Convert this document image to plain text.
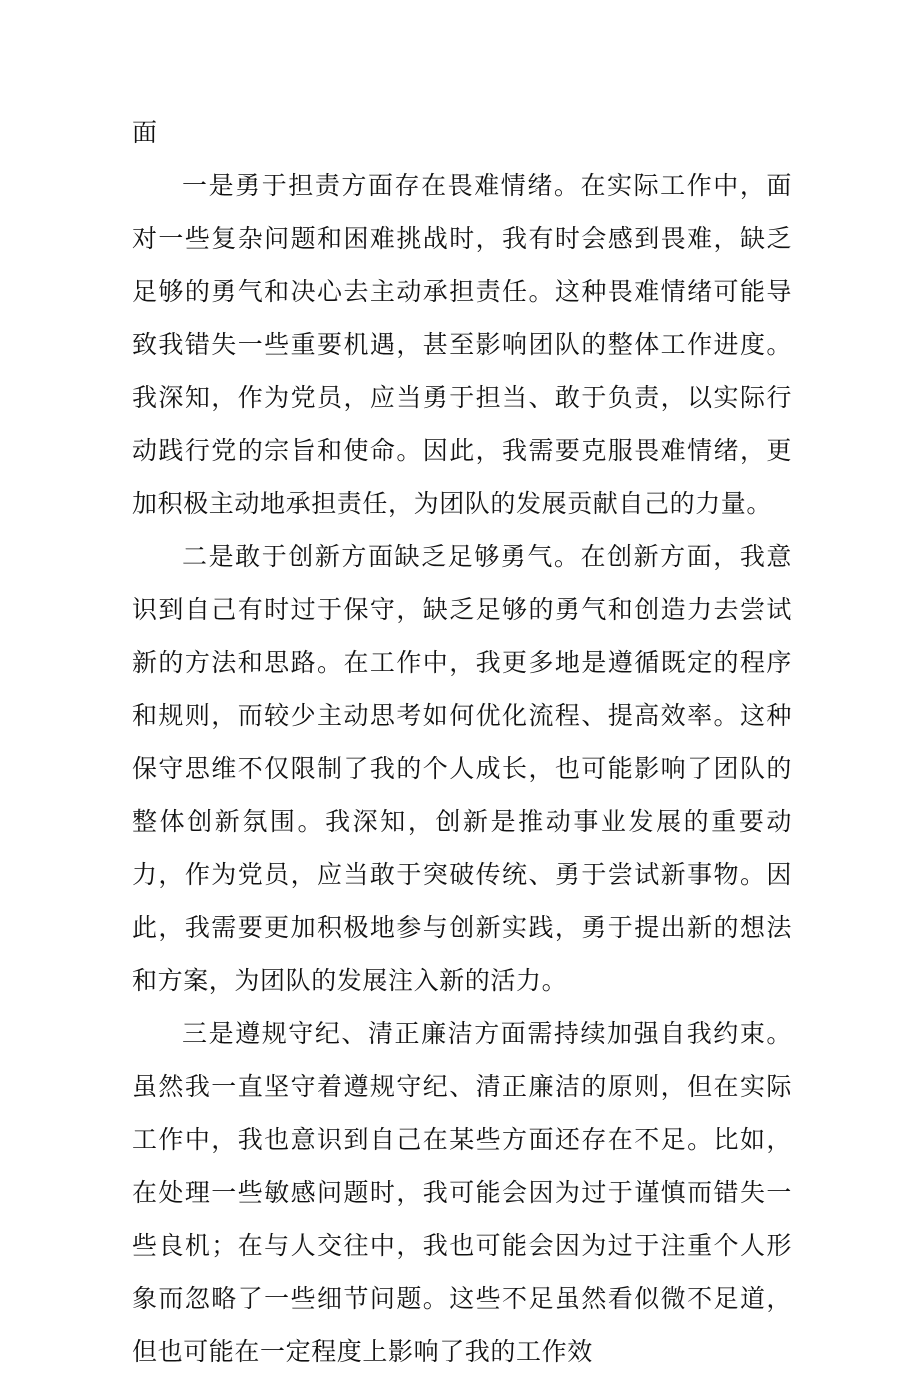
面

一是勇于担责方面存在畏难情绪。在实际工作中，面对一些复杂问题和困难挑战时，我有时会感到畏难，缺乏足够的勇气和决心去主动承担责任。这种畏难情绪可能导致我错失一些重要机遇，甚至影响团队的整体工作进度。我深知，作为党员，应当勇于担当、敢于负责，以实际行动践行党的宗旨和使命。因此，我需要克服畏难情绪，更加积极主动地承担责任，为团队的发展贡献自己的力量。

二是敢于创新方面缺乏足够勇气。在创新方面，我意识到自己有时过于保守，缺乏足够的勇气和创造力去尝试新的方法和思路。在工作中，我更多地是遵循既定的程序和规则，而较少主动思考如何优化流程、提高效率。这种保守思维不仅限制了我的个人成长，也可能影响了团队的整体创新氛围。我深知，创新是推动事业发展的重要动力，作为党员，应当敢于突破传统、勇于尝试新事物。因此，我需要更加积极地参与创新实践，勇于提出新的想法和方案，为团队的发展注入新的活力。

三是遵规守纪、清正廉洁方面需持续加强自我约束。虽然我一直坚守着遵规守纪、清正廉洁的原则，但在实际工作中，我也意识到自己在某些方面还存在不足。比如，在处理一些敏感问题时，我可能会因为过于谨慎而错失一些良机；在与人交往中，我也可能会因为过于注重个人形象而忽略了一些细节问题。这些不足虽然看似微不足道，但也可能在一定程度上影响了我的工作效
